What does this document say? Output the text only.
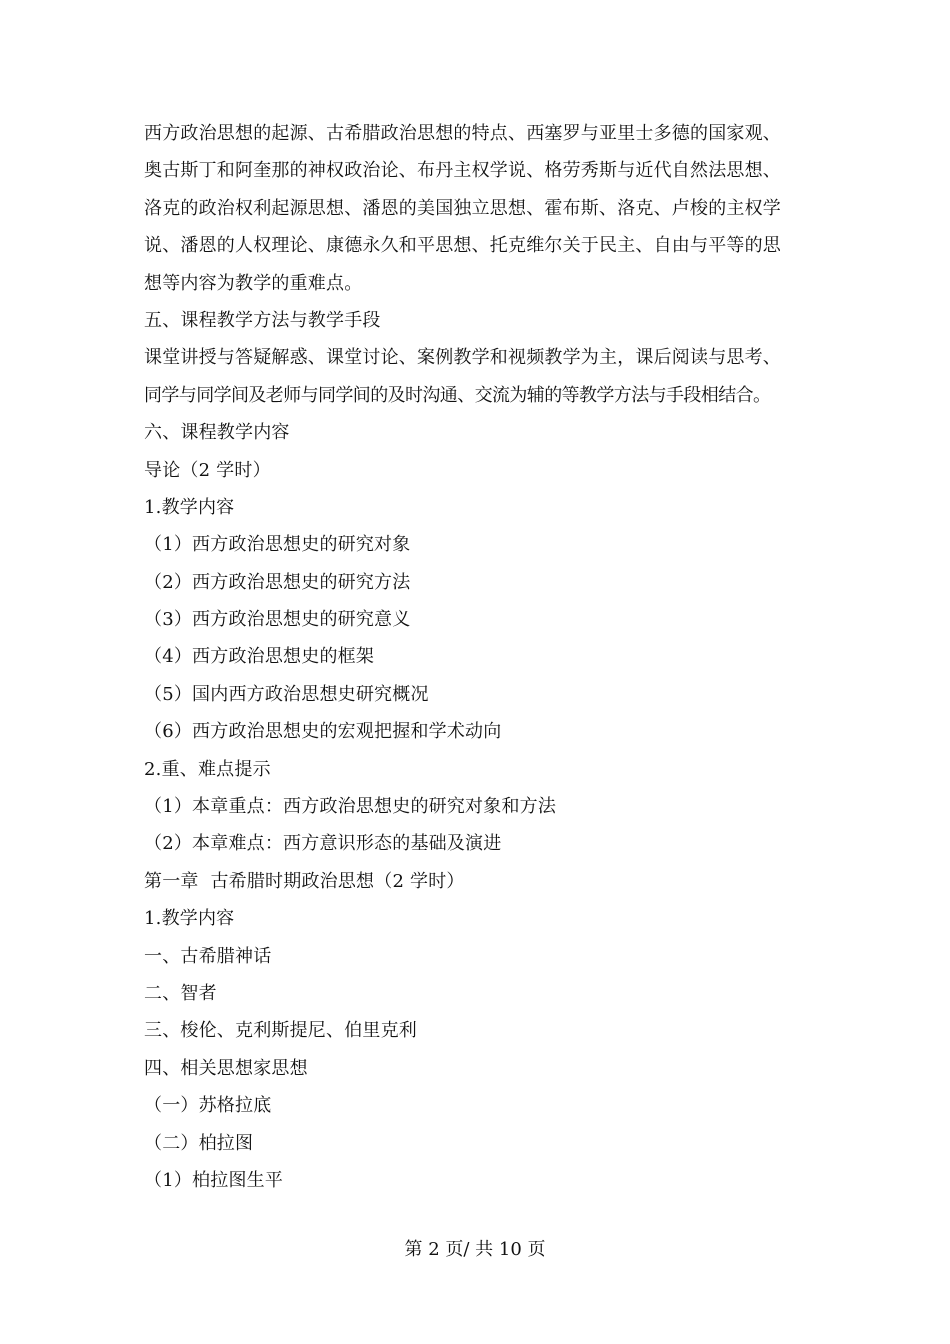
西方政治思想的起源、古希腊政治思想的特点、西塞罗与亚里士多德的国家观、
奥古斯丁和阿奎那的神权政治论、布丹主权学说、格劳秀斯与近代自然法思想、
洛克的政治权利起源思想、潘恩的美国独立思想、霍布斯、洛克、卢梭的主权学
说、潘恩的人权理论、康德永久和平思想、托克维尔关于民主、自由与平等的思
想等内容为教学的重难点。
五、课程教学方法与教学手段
课堂讲授与答疑解惑、课堂讨论、案例教学和视频教学为主，课后阅读与思考、
同学与同学间及老师与同学间的及时沟通、交流为辅的等教学方法与手段相结合。
六、课程教学内容
导论（2 学时）
1.教学内容
（1）西方政治思想史的研究对象
（2）西方政治思想史的研究方法
（3）西方政治思想史的研究意义
（4）西方政治思想史的框架
（5）国内西方政治思想史研究概况
（6）西方政治思想史的宏观把握和学术动向
2.重、难点提示
（1）本章重点：西方政治思想史的研究对象和方法
（2）本章难点：西方意识形态的基础及演进
第一章  古希腊时期政治思想（2 学时）
1.教学内容
一、古希腊神话
二、智者
三、梭伦、克利斯提尼、伯里克利
四、相关思想家思想
（一）苏格拉底
（二）柏拉图
（1）柏拉图生平
第 2 页/ 共 10 页
